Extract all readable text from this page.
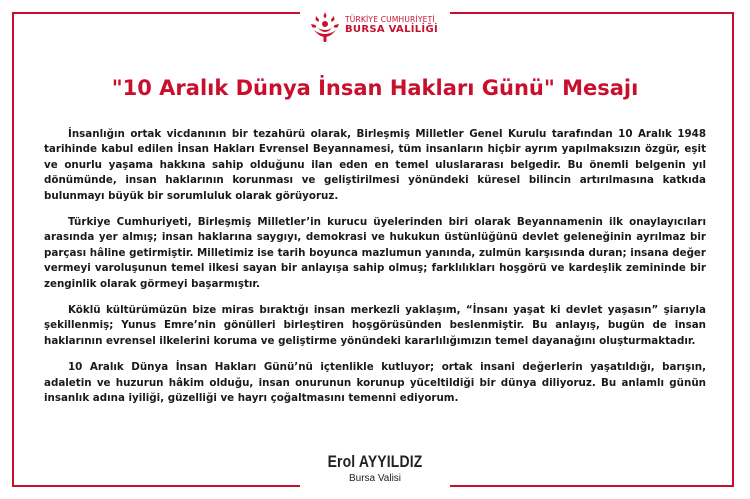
TÜRKİYE CUMHURİYETİ
BURSA VALİLİĞİ
"10 Aralık Dünya İnsan Hakları Günü" Mesajı

İnsanlığın ortak vicdanının bir tezahürü olarak, Birleşmiş Milletler Genel Kurulu tarafından 10 Aralık 1948 tarihinde kabul edilen İnsan Hakları Evrensel Beyannamesi, tüm insanların hiçbir ayrım yapılmaksızın özgür, eşit ve onurlu yaşama hakkına sahip olduğunu ilan eden en temel uluslararası belgedir. Bu önemli belgenin yıl dönümünde, insan haklarının korunması ve geliştirilmesi yönündeki küresel bilincin artırılmasına katkıda bulunmayı büyük bir sorumluluk olarak görüyoruz.

Türkiye Cumhuriyeti, Birleşmiş Milletler’in kurucu üyelerinden biri olarak Beyannamenin ilk onaylayıcıları arasında yer almış; insan haklarına saygıyı, demokrasi ve hukukun üstünlüğünü devlet geleneğinin ayrılmaz bir parçası hâline getirmiştir. Milletimiz ise tarih boyunca mazlumun yanında, zulmün karşısında duran; insana değer vermeyi varoluşunun temel ilkesi sayan bir anlayışa sahip olmuş; farklılıkları hoşgörü ve kardeşlik zemininde bir zenginlik olarak görmeyi başarmıştır.

Köklü kültürümüzün bize miras bıraktığı insan merkezli yaklaşım, “İnsanı yaşat ki devlet yaşasın” şiarıyla şekillenmiş; Yunus Emre’nin gönülleri birleştiren hoşgörüsünden beslenmiştir. Bu anlayış, bugün de insan haklarının evrensel ilkelerini koruma ve geliştirme yönündeki kararlılığımızın temel dayanağını oluşturmaktadır.

10 Aralık Dünya İnsan Hakları Günü’nü içtenlikle kutluyor; ortak insani değerlerin yaşatıldığı, barışın, adaletin ve huzurun hâkim olduğu, insan onurunun korunup yüceltildiği bir dünya diliyoruz. Bu anlamlı günün insanlık adına iyiliği, güzelliği ve hayrı çoğaltmasını temenni ediyorum.

Erol AYYILDIZ
Bursa Valisi
